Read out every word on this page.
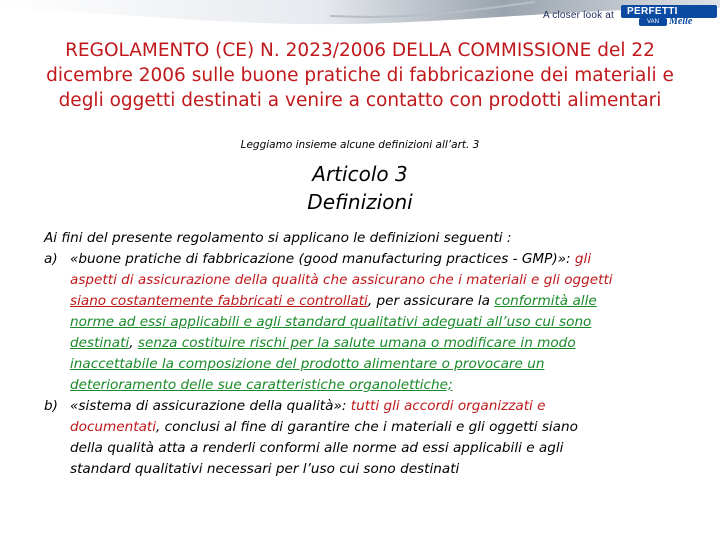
A closer look at PERFETTI
VAN	Melle
REGOLAMENTO (CE) N. 2023/2006 DELLA COMMISSIONE del 22
dicembre 2006 sulle buone pratiche di fabbricazione dei materiali e
degli oggetti destinati a venire a contatto con prodotti alimentari
Leggiamo insieme alcune definizioni all’art. 3
Articolo 3
Definizioni

Ai fini del presente regolamento si applicano le definizioni seguenti :

a) «buone pratiche di fabbricazione (good manufacturing practices - GMP)»: gli
aspetti di assicurazione della qualità che assicurano che i materiali e gli oggetti
siano costantemente fabbricati e controllati, per assicurare la conformità alle
norme ad essi applicabili e agli standard qualitativi adeguati all’uso cui sono
destinati, senza costituire rischi per la salute umana o modificare in modo
inaccettabile la composizione del prodotto alimentare o provocare un
deterioramento delle sue caratteristiche organolettiche;
b) «sistema di assicurazione della qualità»: tutti gli accordi organizzati e
documentati, conclusi al fine di garantire che i materiali e gli oggetti siano
della qualità atta a renderli conformi alle norme ad essi applicabili e agli
standard qualitativi necessari per l’uso cui sono destinati
